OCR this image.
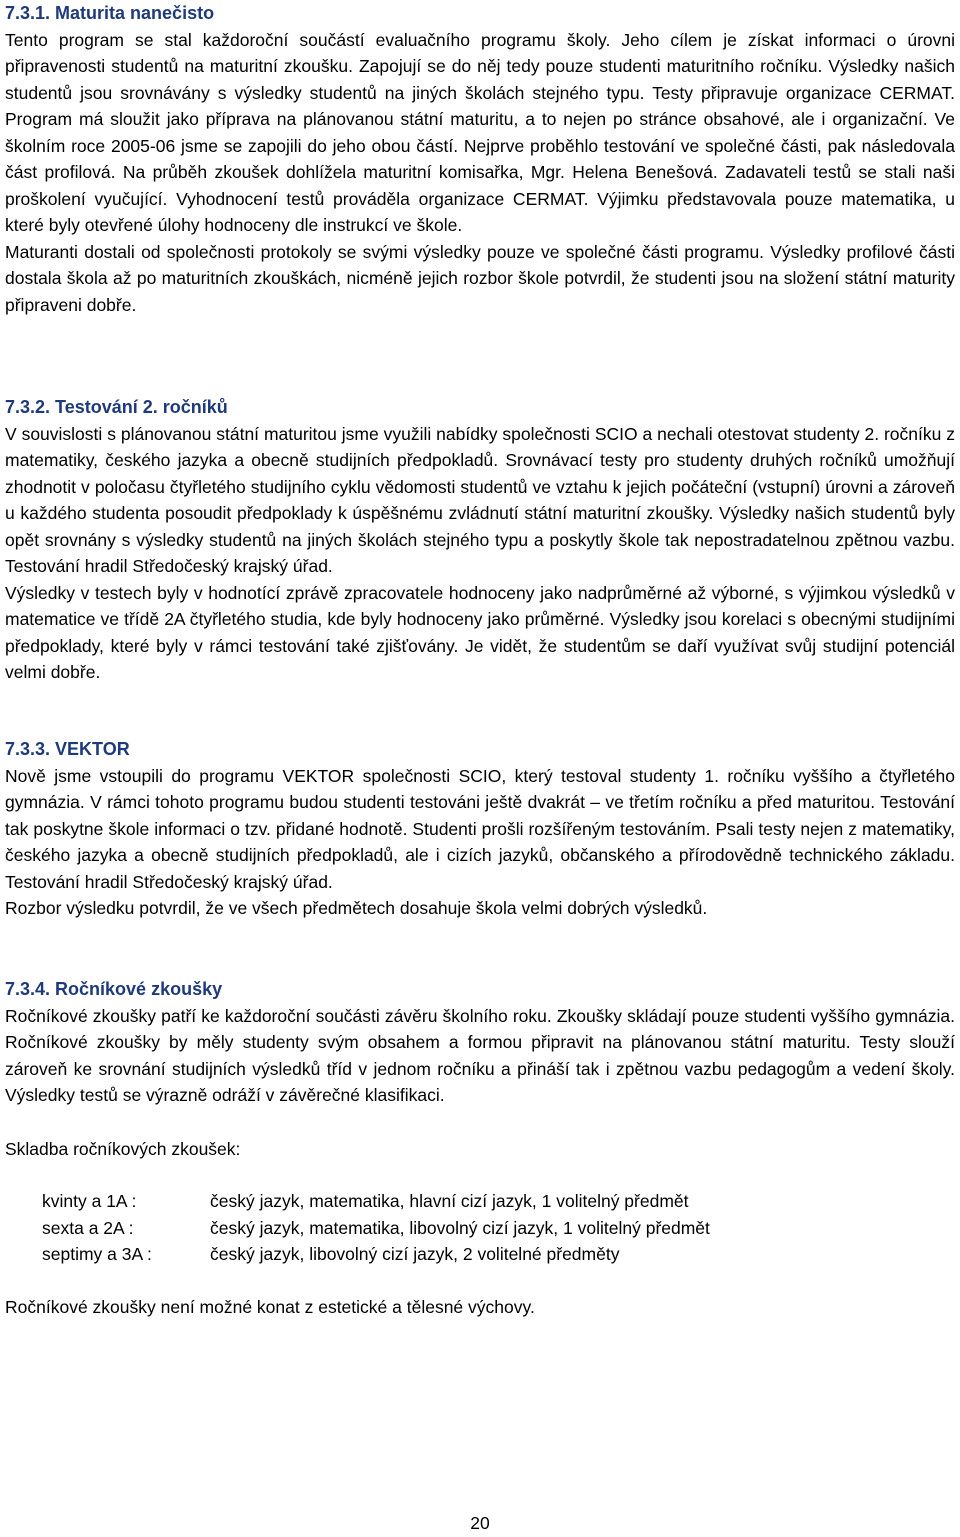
7.3.1. Maturita nanečisto

Tento program se stal každoroční součástí evaluačního programu školy. Jeho cílem je získat informaci o úrovni připravenosti studentů na maturitní zkoušku. Zapojují se do něj tedy pouze studenti maturitního ročníku. Výsledky našich studentů jsou srovnávány s výsledky studentů na jiných školách stejného typu. Testy připravuje organizace CERMAT. Program má sloužit jako příprava na plánovanou státní maturitu, a to nejen po stránce obsahové, ale i organizační. Ve školním roce 2005-06 jsme se zapojili do jeho obou částí. Nejprve proběhlo testování ve společné části, pak následovala část profilová. Na průběh zkoušek dohlížela maturitní komisařka, Mgr. Helena Benešová. Zadavateli testů se stali naši proškolení vyučující. Vyhodnocení testů prováděla organizace CERMAT. Výjimku představovala pouze matematika, u které byly otevřené úlohy hodnoceny dle instrukcí ve škole.

Maturanti dostali od společnosti protokoly se svými výsledky pouze ve společné části programu. Výsledky profilové části dostala škola až po maturitních zkouškách, nicméně jejich rozbor škole potvrdil, že studenti jsou na složení státní maturity připraveni dobře.

7.3.2. Testování 2. ročníků

V souvislosti s plánovanou státní maturitou jsme využili nabídky společnosti SCIO a nechali otestovat studenty 2. ročníku z matematiky, českého jazyka a obecně studijních předpokladů. Srovnávací testy pro studenty druhých ročníků umožňují zhodnotit v poločasu čtyřletého studijního cyklu vědomosti studentů ve vztahu k jejich počáteční (vstupní) úrovni a zároveň u každého studenta posoudit předpoklady k úspěšnému zvládnutí státní maturitní zkoušky. Výsledky našich studentů byly opět srovnány s výsledky studentů na jiných školách stejného typu a poskytly škole tak nepostradatelnou zpětnou vazbu. Testování hradil Středočeský krajský úřad.

Výsledky v testech byly v hodnotící zprávě zpracovatele hodnoceny jako nadprůměrné až výborné, s výjimkou výsledků v matematice ve třídě 2A čtyřletého studia, kde byly hodnoceny jako průměrné. Výsledky jsou korelaci s obecnými studijními předpoklady, které byly v rámci testování také zjišťovány. Je vidět, že studentům se daří využívat svůj studijní potenciál velmi dobře.

7.3.3. VEKTOR

Nově jsme vstoupili do programu VEKTOR společnosti SCIO, který testoval studenty 1. ročníku vyššího a čtyřletého gymnázia. V rámci tohoto programu budou studenti testováni ještě dvakrát – ve třetím ročníku a před maturitou. Testování tak poskytne škole informaci o tzv. přidané hodnotě. Studenti prošli rozšířeným testováním. Psali testy nejen z matematiky, českého jazyka a obecně studijních předpokladů, ale i cizích jazyků, občanského a přírodovědně technického základu. Testování hradil Středočeský krajský úřad.

Rozbor výsledku potvrdil, že ve všech předmětech dosahuje škola velmi dobrých výsledků.

7.3.4. Ročníkové zkoušky

Ročníkové zkoušky patří ke každoroční součásti závěru školního roku. Zkoušky skládají pouze studenti vyššího gymnázia. Ročníkové zkoušky by měly studenty svým obsahem a formou připravit na plánovanou státní maturitu. Testy slouží zároveň ke srovnání studijních výsledků tříd v jednom ročníku a přináší tak i zpětnou vazbu pedagogům a vedení školy. Výsledky testů se výrazně odráží v závěrečné klasifikaci.

Skladba ročníkových zkoušek:

kvinty a 1A :	český jazyk, matematika, hlavní cizí jazyk, 1 volitelný předmět
sexta a 2A :	český jazyk, matematika, libovolný cizí jazyk, 1 volitelný předmět
septimy a 3A :	český jazyk, libovolný cizí jazyk, 2 volitelné předměty

Ročníkové zkoušky není možné konat z estetické a tělesné výchovy.

20
